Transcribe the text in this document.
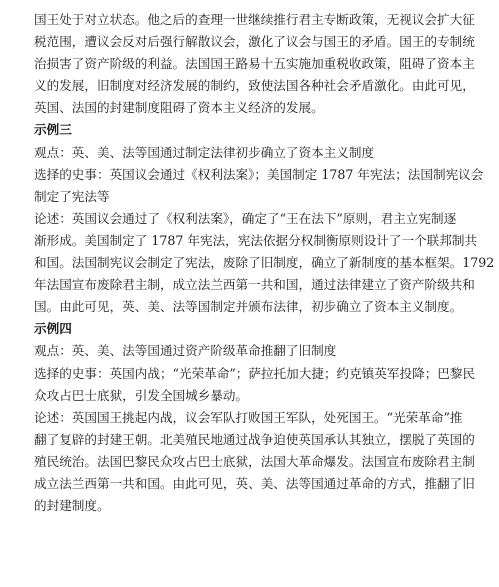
国王处于对立状态。他之后的查理一世继续推行君主专断政策，无视议会扩大征
税范围，遭议会反对后强行解散议会，激化了议会与国王的矛盾。国王的专制统
治损害了资产阶级的利益。法国国王路易十五实施加重税收政策，阻碍了资本主
义的发展，旧制度对经济发展的制约，致使法国各种社会矛盾激化。由此可见，
英国、法国的封建制度阻碍了资本主义经济的发展。
示例三
观点：英、美、法等国通过制定法律初步确立了资本主义制度
选择的史事：英国议会通过《权利法案》；美国制定 1787 年宪法；法国制宪议会
制定了宪法等
论述：英国议会通过了《权利法案》，确定了“王在法下”原则，君主立宪制逐
渐形成。美国制定了 1787 年宪法，宪法依据分权制衡原则设计了一个联邦制共
和国。法国制宪议会制定了宪法，废除了旧制度，确立了新制度的基本框架。1792
年法国宣布废除君主制，成立法兰西第一共和国，通过法律建立了资产阶级共和
国。由此可见，英、美、法等国制定并颁布法律，初步确立了资本主义制度。
示例四
观点：英、美、法等国通过资产阶级革命推翻了旧制度
选择的史事：英国内战；“光荣革命”；萨拉托加大捷；约克镇英军投降；巴黎民
众攻占巴士底狱，引发全国城乡暴动。
论述：英国国王挑起内战，议会军队打败国王军队，处死国王。“光荣革命”推
翻了复辟的封建王朝。北美殖民地通过战争迫使英国承认其独立，摆脱了英国的
殖民统治。法国巴黎民众攻占巴士底狱，法国大革命爆发。法国宣布废除君主制
成立法兰西第一共和国。由此可见，英、美、法等国通过革命的方式，推翻了旧
的封建制度。
